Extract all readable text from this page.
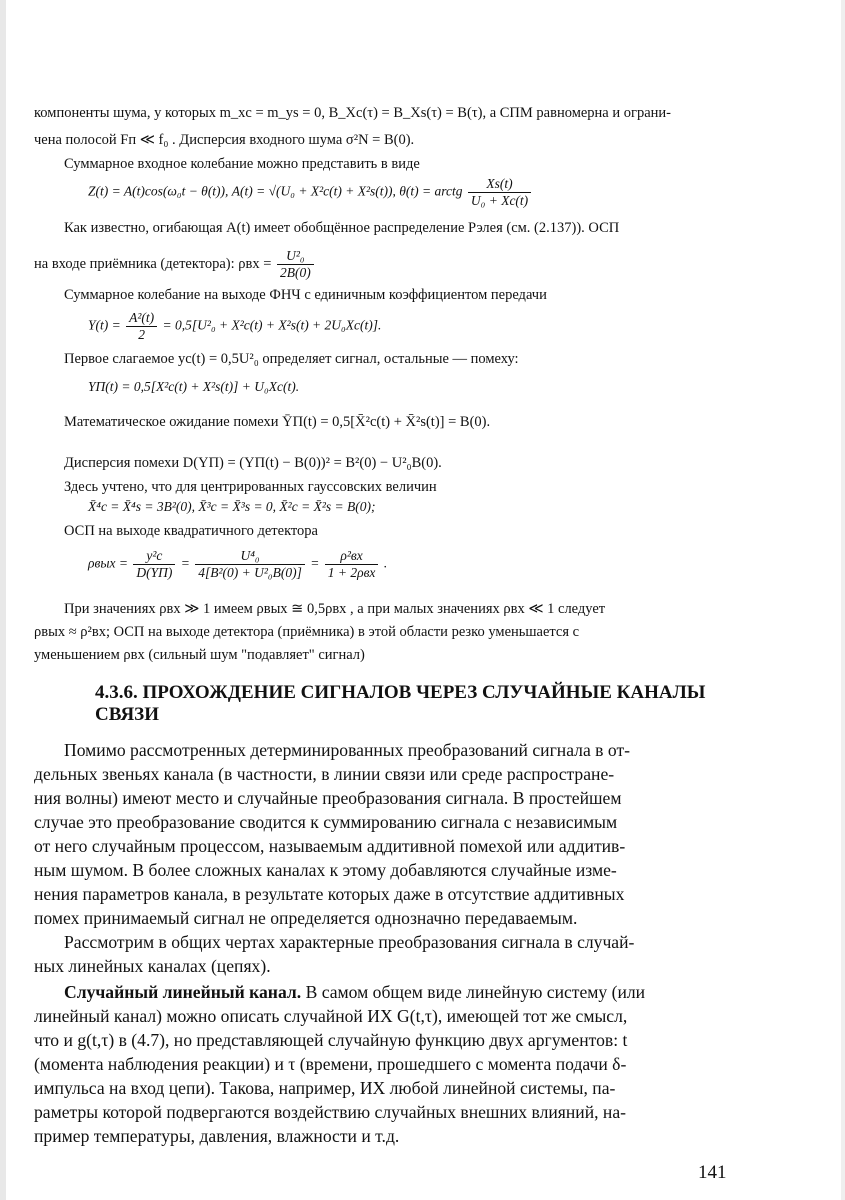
компоненты шума, у которых m_xc = m_ys = 0, B_Xc(τ) = B_Xs(τ) = B(τ), а СПМ равномерна и ограни-
чена полосой Fп ≪ f₀ . Дисперсия входного шума σ²N = B(0).
Суммарное входное колебание можно представить в виде
Z(t) = A(t)cos(ω₀t − θ(t)), A(t) = √(U₀ + X²c(t) + X²s(t)), θ(t) = arctg $\frac{Xs(t)}{\text{U₀ + Xc(t)}}$
Как известно, огибающая A(t) имеет обобщённое распределение Рэлея (см. (2.137)). ОСП
на входе приёмника (детектора): $\rho вх = \frac{\text{U²₀}}{2B(0)}$
Суммарное колебание на выходе ФНЧ с единичным коэффициентом передачи
$Y(t) = \frac{\text{A²(t)}}{2} = 0,5[U^2_0 + X^2c(t) + X^2s(t) + 2U_0Xc(t)]$.
Первое слагаемое yc(t) = 0,5U²₀ определяет сигнал, остальные — помеху:
YП(t) = 0,5[X²c(t) + X²s(t)] + U₀Xc(t).
Математическое ожидание помехи ȲП(t) = 0,5[X̄²c(t) + X̄²s(t)] = B(0).
Дисперсия помехи D(YП) = (YП(t) − B(0))² = B²(0) − U²₀B(0).
Здесь учтено, что для центрированных гауссовских величин
X̄⁴c = X̄⁴s = 3B²(0), X̄³c = X̄³s = 0, X̄²c = X̄²s = B(0);
ОСП на выходе квадратичного детектора
$\rho вых = \frac{\text{y²c}}{D(YП)} = \frac{\text{U⁴₀}}{\text{4[B²(0) + U²₀B(0)]}} = \frac{\text{ρ²вх}}{\text{1 + 2ρвх}}$ .
При значениях ρвх ≫ 1 имеем ρвых ≅ 0,5ρвх , а при малых значениях ρвх ≪ 1 следует
ρвых ≈ ρ²вх; ОСП на выходе детектора (приёмника) в этой области резко уменьшается с
уменьшением ρвх (сильный шум "подавляет" сигнал)
4.3.6. ПРОХОЖДЕНИЕ СИГНАЛОВ ЧЕРЕЗ СЛУЧАЙНЫЕ КАНАЛЫ
СВЯЗИ
Помимо рассмотренных детерминированных преобразований сигнала в от-
дельных звеньях канала (в частности, в линии связи или среде распростране-
ния волны) имеют место и случайные преобразования сигнала. В простейшем
случае это преобразование сводится к суммированию сигнала с независимым
от него случайным процессом, называемым аддитивной помехой или аддитив-
ным шумом. В более сложных каналах к этому добавляются случайные изме-
нения параметров канала, в результате которых даже в отсутствие аддитивных
помех принимаемый сигнал не определяется однозначно передаваемым.
Рассмотрим в общих чертах характерные преобразования сигнала в случай-
ных линейных каналах (цепях).
Случайный линейный канал. В самом общем виде линейную систему (или
линейный канал) можно описать случайной ИХ G(t,τ), имеющей тот же смысл,
что и g(t,τ) в (4.7), но представляющей случайную функцию двух аргументов: t
(момента наблюдения реакции) и τ (времени, прошедшего с момента подачи δ-
импульса на вход цепи). Такова, например, ИХ любой линейной системы, па-
раметры которой подвергаются воздействию случайных внешних влияний, на-
пример температуры, давления, влажности и т.д.
141
